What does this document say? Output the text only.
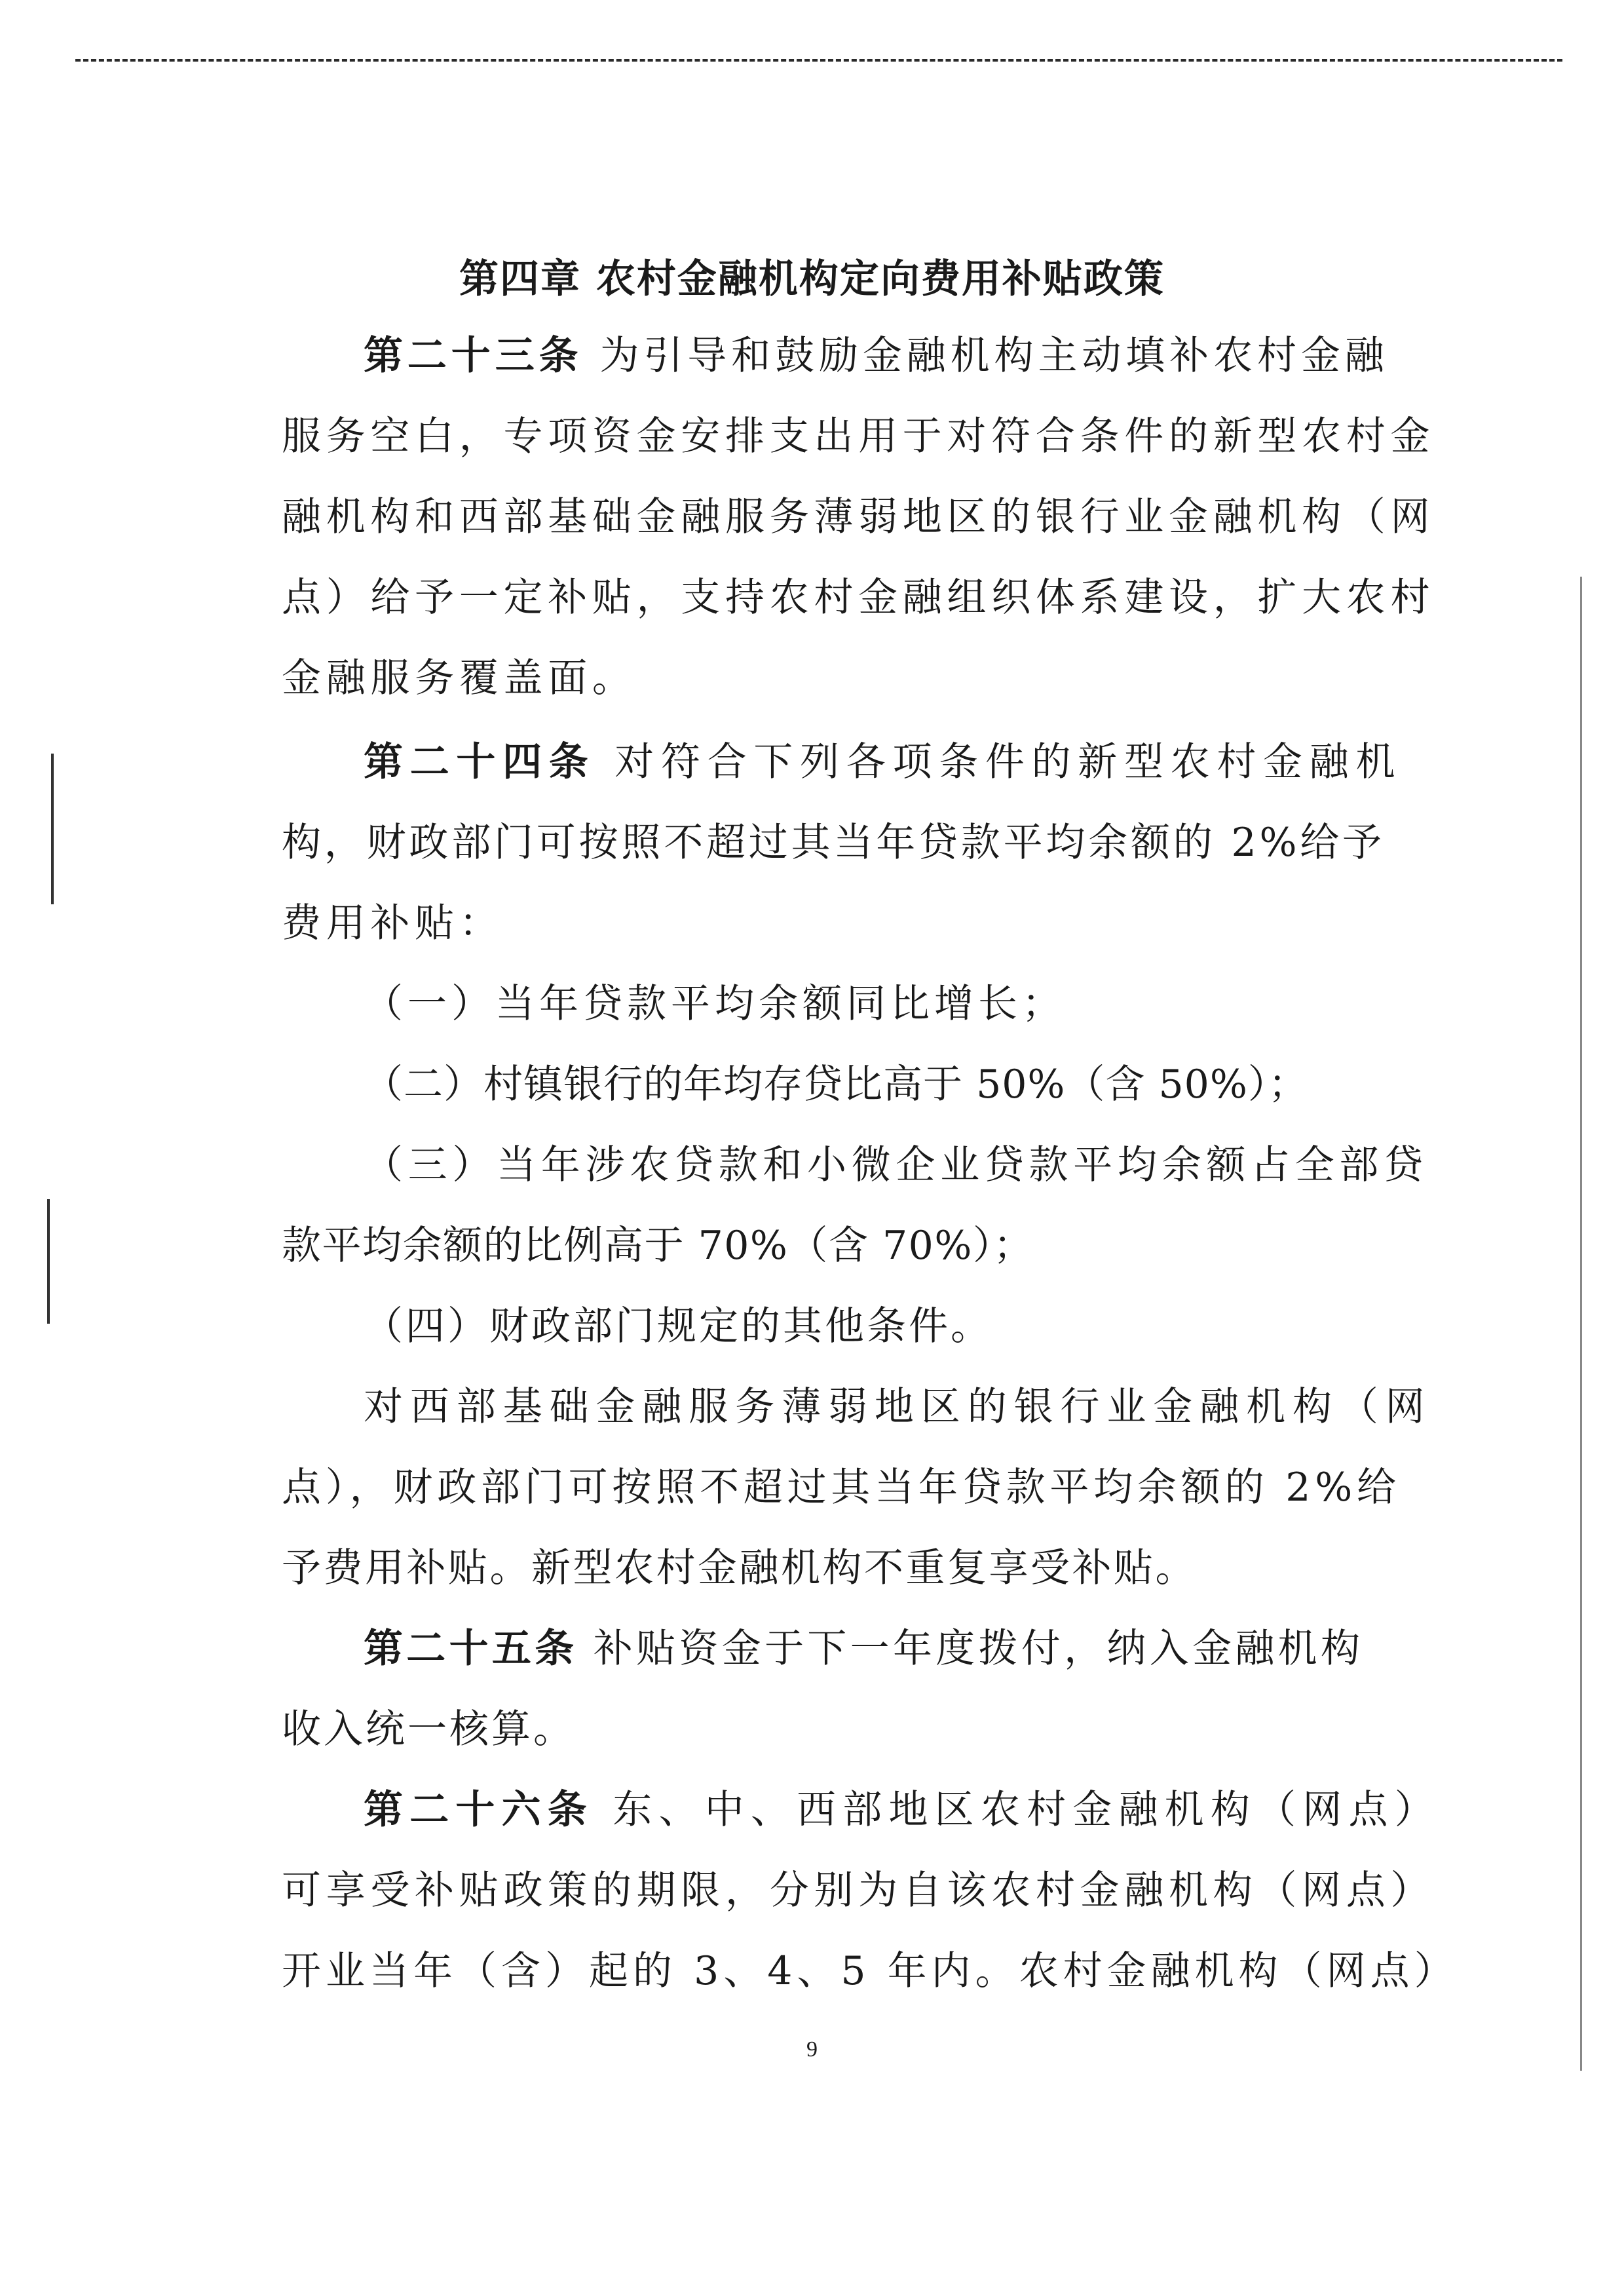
第四章 农村金融机构定向费用补贴政策

第二十三条 为引导和鼓励金融机构主动填补农村金融

服务空白，专项资金安排支出用于对符合条件的新型农村金

融机构和西部基础金融服务薄弱地区的银行业金融机构（网

点）给予一定补贴，支持农村金融组织体系建设，扩大农村

金融服务覆盖面。

第二十四条 对符合下列各项条件的新型农村金融机

构，财政部门可按照不超过其当年贷款平均余额的 2%给予

费用补贴：

（一）当年贷款平均余额同比增长；

（二）村镇银行的年均存贷比高于 50%（含 50%）；

（三）当年涉农贷款和小微企业贷款平均余额占全部贷

款平均余额的比例高于 70%（含 70%）；

（四）财政部门规定的其他条件。

对西部基础金融服务薄弱地区的银行业金融机构（网

点），财政部门可按照不超过其当年贷款平均余额的 2%给

予费用补贴。新型农村金融机构不重复享受补贴。

第二十五条 补贴资金于下一年度拨付，纳入金融机构

收入统一核算。

第二十六条 东、中、西部地区农村金融机构（网点）

可享受补贴政策的期限，分别为自该农村金融机构（网点）

开业当年（含）起的 3、4、5 年内。农村金融机构（网点）

9
